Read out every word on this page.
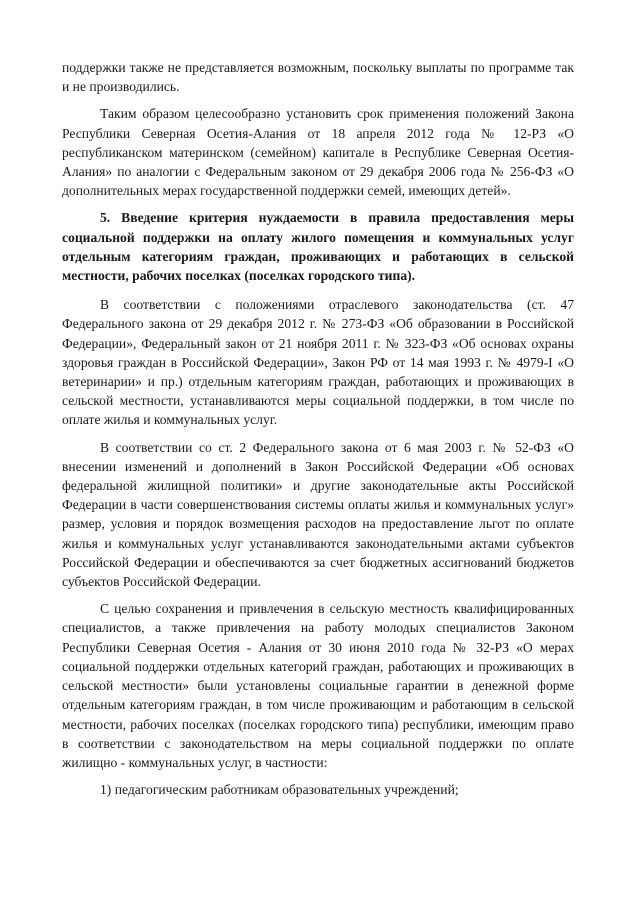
поддержки также не представляется возможным, поскольку выплаты по программе так и не производились.

Таким образом целесообразно установить срок применения положений Закона Республики Северная Осетия-Алания от 18 апреля 2012 года № 12-РЗ «О республиканском материнском (семейном) капитале в Республике Северная Осетия-Алания» по аналогии с Федеральным законом от 29 декабря 2006 года № 256-ФЗ «О дополнительных мерах государственной поддержки семей, имеющих детей».

5. Введение критерия нуждаемости в правила предоставления меры социальной поддержки на оплату жилого помещения и коммунальных услуг отдельным категориям граждан, проживающих и работающих в сельской местности, рабочих поселках (поселках городского типа).

В соответствии с положениями отраслевого законодательства (ст. 47 Федерального закона от 29 декабря 2012 г. № 273-ФЗ «Об образовании в Российской Федерации», Федеральный закон от 21 ноября 2011 г. № 323-ФЗ «Об основах охраны здоровья граждан в Российской Федерации», Закон РФ от 14 мая 1993 г. № 4979-I «О ветеринарии» и пр.) отдельным категориям граждан, работающих и проживающих в сельской местности, устанавливаются меры социальной поддержки, в том числе по оплате жилья и коммунальных услуг.

В соответствии со ст. 2 Федерального закона от 6 мая 2003 г. № 52-ФЗ «О внесении изменений и дополнений в Закон Российской Федерации «Об основах федеральной жилищной политики» и другие законодательные акты Российской Федерации в части совершенствования системы оплаты жилья и коммунальных услуг» размер, условия и порядок возмещения расходов на предоставление льгот по оплате жилья и коммунальных услуг устанавливаются законодательными актами субъектов Российской Федерации и обеспечиваются за счет бюджетных ассигнований бюджетов субъектов Российской Федерации.

С целью сохранения и привлечения в сельскую местность квалифицированных специалистов, а также привлечения на работу молодых специалистов Законом Республики Северная Осетия - Алания от 30 июня 2010 года № 32-РЗ «О мерах социальной поддержки отдельных категорий граждан, работающих и проживающих в сельской местности» были установлены социальные гарантии в денежной форме отдельным категориям граждан, в том числе проживающим и работающим в сельской местности, рабочих поселках (поселках городского типа) республики, имеющим право в соответствии с законодательством на меры социальной поддержки по оплате жилищно - коммунальных услуг, в частности:

1) педагогическим работникам образовательных учреждений;
